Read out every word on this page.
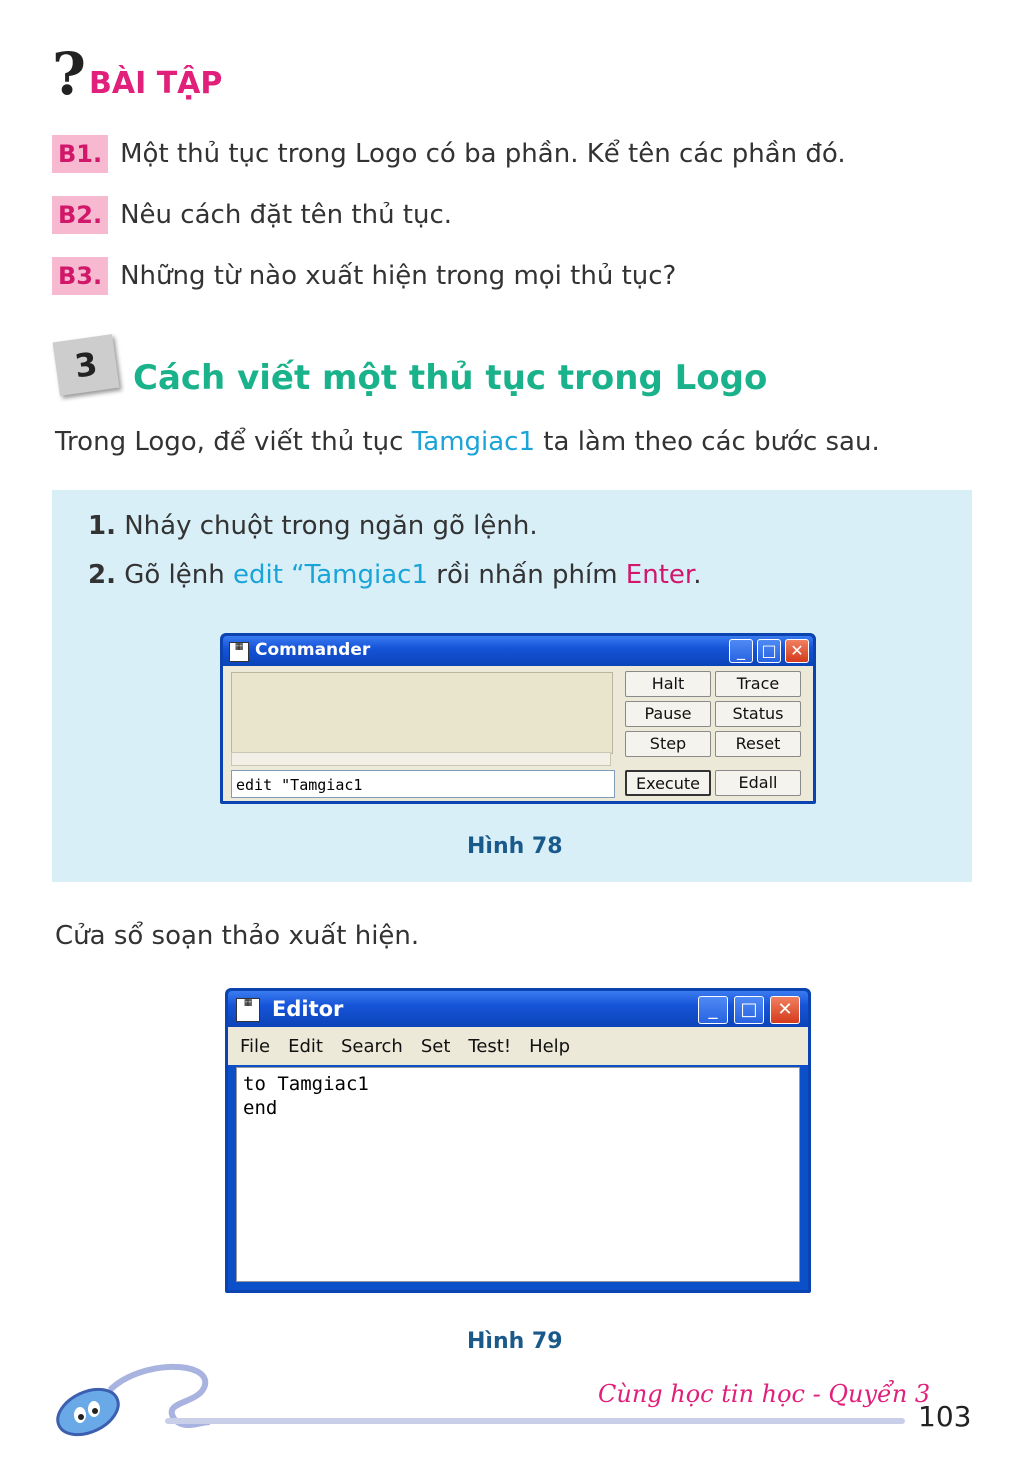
? BÀI TẬP
B1. Một thủ tục trong Logo có ba phần. Kể tên các phần đó.
B2. Nêu cách đặt tên thủ tục.
B3. Những từ nào xuất hiện trong mọi thủ tục?
3 Cách viết một thủ tục trong Logo
Trong Logo, để viết thủ tục Tamgiac1 ta làm theo các bước sau.
1. Nháy chuột trong ngăn gõ lệnh.
2. Gõ lệnh edit “Tamgiac1 rồi nhấn phím Enter.
▦ Commander	_	□ ✕
edit "Tamgiac1
Halt	Trace
Pause	Status
Step	Reset
Execute	Edall
Hình 78
Cửa sổ soạn thảo xuất hiện.
▦ Editor	_	□	✕
File Edit Search Set Test! Help
to Tamgiac1
end
Hình 79
Cùng học tin học - Quyển 3
103
